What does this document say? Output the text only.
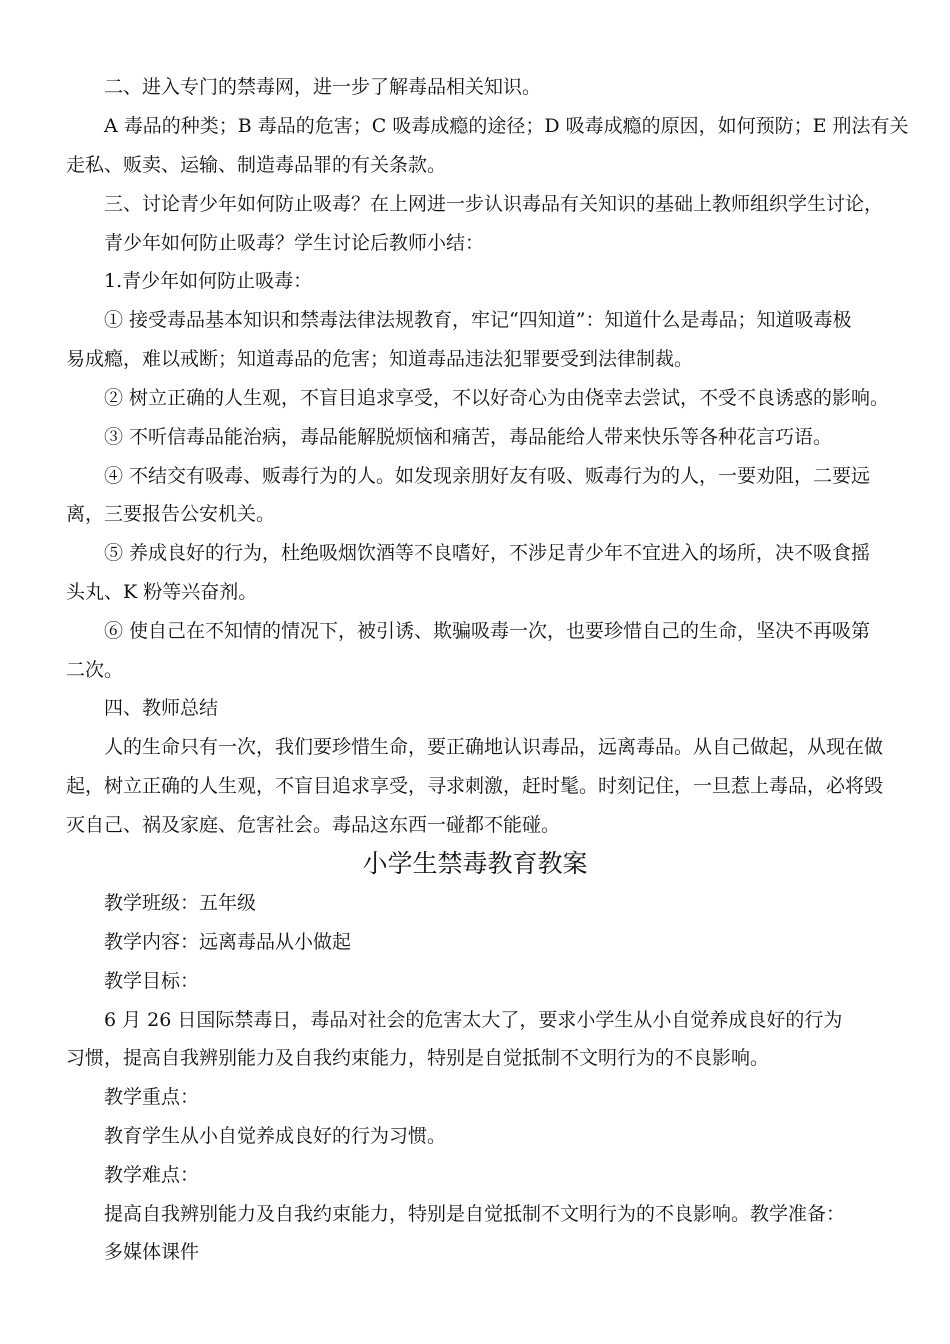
二、进入专门的禁毒网，进一步了解毒品相关知识。
A 毒品的种类；B 毒品的危害；C 吸毒成瘾的途径；D 吸毒成瘾的原因，如何预防；E 刑法有关
走私、贩卖、运输、制造毒品罪的有关条款。
三、讨论青少年如何防止吸毒？在上网进一步认识毒品有关知识的基础上教师组织学生讨论，
青少年如何防止吸毒？学生讨论后教师小结：
1.青少年如何防止吸毒：
① 接受毒品基本知识和禁毒法律法规教育，牢记“四知道”：知道什么是毒品；知道吸毒极
易成瘾，难以戒断；知道毒品的危害；知道毒品违法犯罪要受到法律制裁。
② 树立正确的人生观，不盲目追求享受，不以好奇心为由侥幸去尝试，不受不良诱惑的影响。
③ 不听信毒品能治病，毒品能解脱烦恼和痛苦，毒品能给人带来快乐等各种花言巧语。
④ 不结交有吸毒、贩毒行为的人。如发现亲朋好友有吸、贩毒行为的人，一要劝阻，二要远
离，三要报告公安机关。
⑤ 养成良好的行为，杜绝吸烟饮酒等不良嗜好，不涉足青少年不宜进入的场所，决不吸食摇
头丸、K 粉等兴奋剂。
⑥ 使自己在不知情的情况下，被引诱、欺骗吸毒一次，也要珍惜自己的生命，坚决不再吸第
二次。
四、教师总结
人的生命只有一次，我们要珍惜生命，要正确地认识毒品，远离毒品。从自己做起，从现在做
起，树立正确的人生观，不盲目追求享受，寻求刺激，赶时髦。时刻记住，一旦惹上毒品，必将毁
灭自己、祸及家庭、危害社会。毒品这东西一碰都不能碰。
小学生禁毒教育教案
教学班级：五年级
教学内容：远离毒品从小做起
教学目标：
6 月 26 日国际禁毒日，毒品对社会的危害太大了，要求小学生从小自觉养成良好的行为
习惯，提高自我辨别能力及自我约束能力，特别是自觉抵制不文明行为的不良影响。
教学重点：
教育学生从小自觉养成良好的行为习惯。
教学难点：
提高自我辨别能力及自我约束能力，特别是自觉抵制不文明行为的不良影响。教学准备：
多媒体课件
